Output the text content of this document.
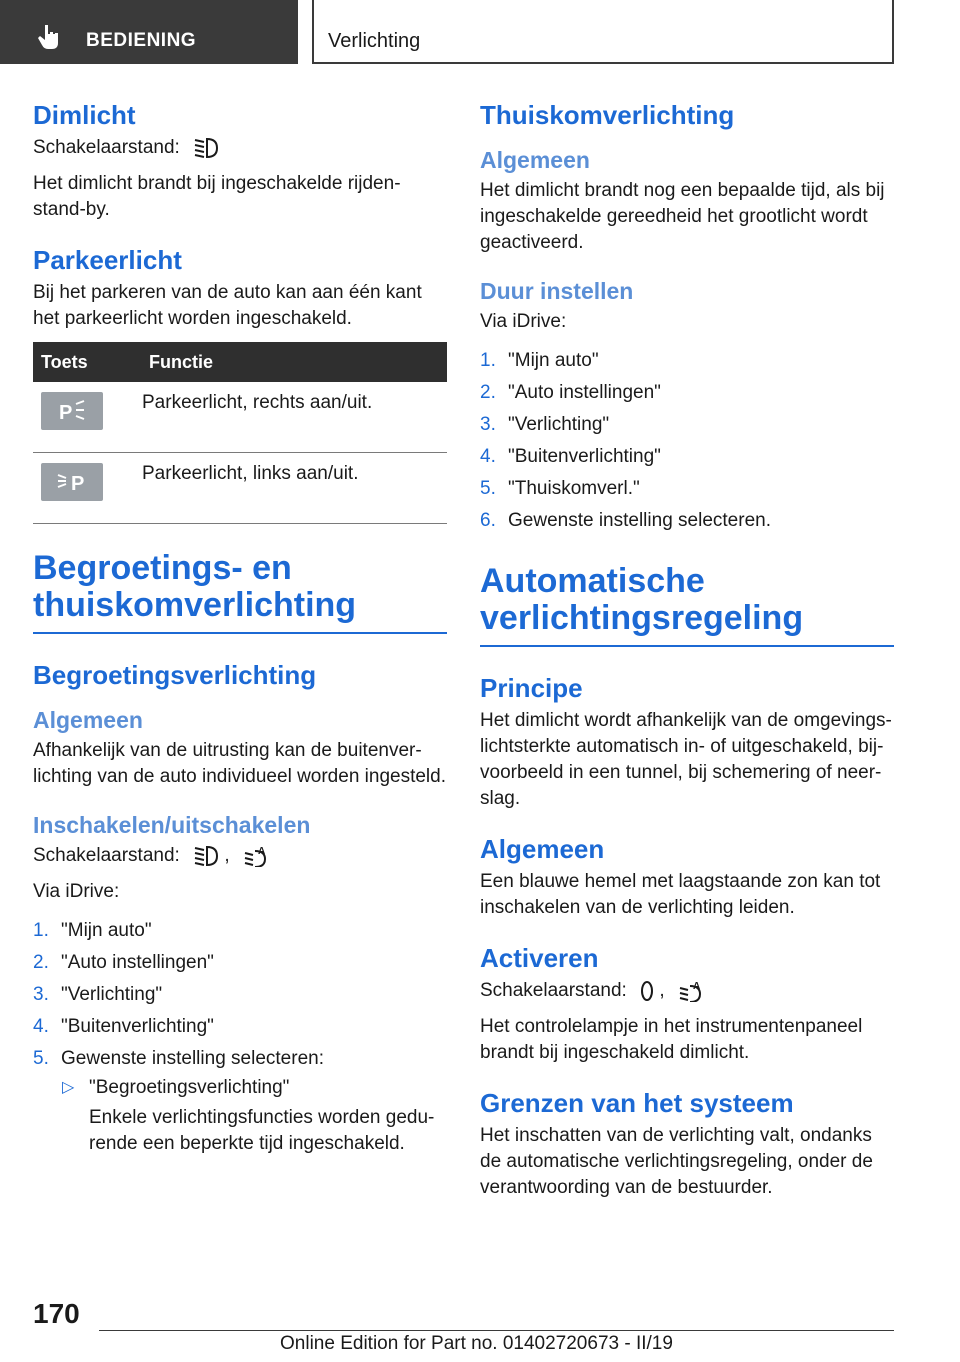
BEDIENING	Verlichting
Dimlicht

Schakelaarstand:

Het dimlicht brandt bij ingeschakelde rijden-stand-by.

Parkeerlicht

Bij het parkeren van de auto kan aan één kant het parkeerlicht worden ingeschakeld.

Toets	Functie

P	Parkeerlicht, rechts aan/uit.

P	Parkeerlicht, links aan/uit.
Begroetings- en
thuiskomverlichting
Begroetingsverlichting
Algemeen

Afhankelijk van de uitrusting kan de buitenver-lichting van de auto individueel worden ingesteld.

Inschakelen/uitschakelen

Schakelaarstand: ,	A

Via iDrive:

1. "Mijn auto"
2. "Auto instellingen"
3. "Verlichting"
4. "Buitenverlichting"
5. Gewenste instelling selecteren:
▷ "Begroetingsverlichting"
Enkele verlichtingsfuncties worden gedu-rende een beperkte tijd ingeschakeld.
Thuiskomverlichting
Algemeen

Het dimlicht brandt nog een bepaalde tijd, als bij ingeschakelde gereedheid het grootlicht wordt geactiveerd.

Duur instellen

Via iDrive:

1. "Mijn auto"
2. "Auto instellingen"
3. "Verlichting"
4. "Buitenverlichting"
5. "Thuiskomverl."
6. Gewenste instelling selecteren.
Automatische
verlichtingsregeling
Principe

Het dimlicht wordt afhankelijk van de omgevings-lichtsterkte automatisch in- of uitgeschakeld, bij-voorbeeld in een tunnel, bij schemering of neer-slag.

Algemeen

Een blauwe hemel met laagstaande zon kan tot inschakelen van de verlichting leiden.

Activeren

Schakelaarstand: ,	A

Het controlelampje in het instrumentenpaneel brandt bij ingeschakeld dimlicht.

Grenzen van het systeem

Het inschatten van de verlichting valt, ondanks de automatische verlichtingsregeling, onder de verantwoording van de bestuurder.

170
Online Edition for Part no. 01402720673 - II/19
